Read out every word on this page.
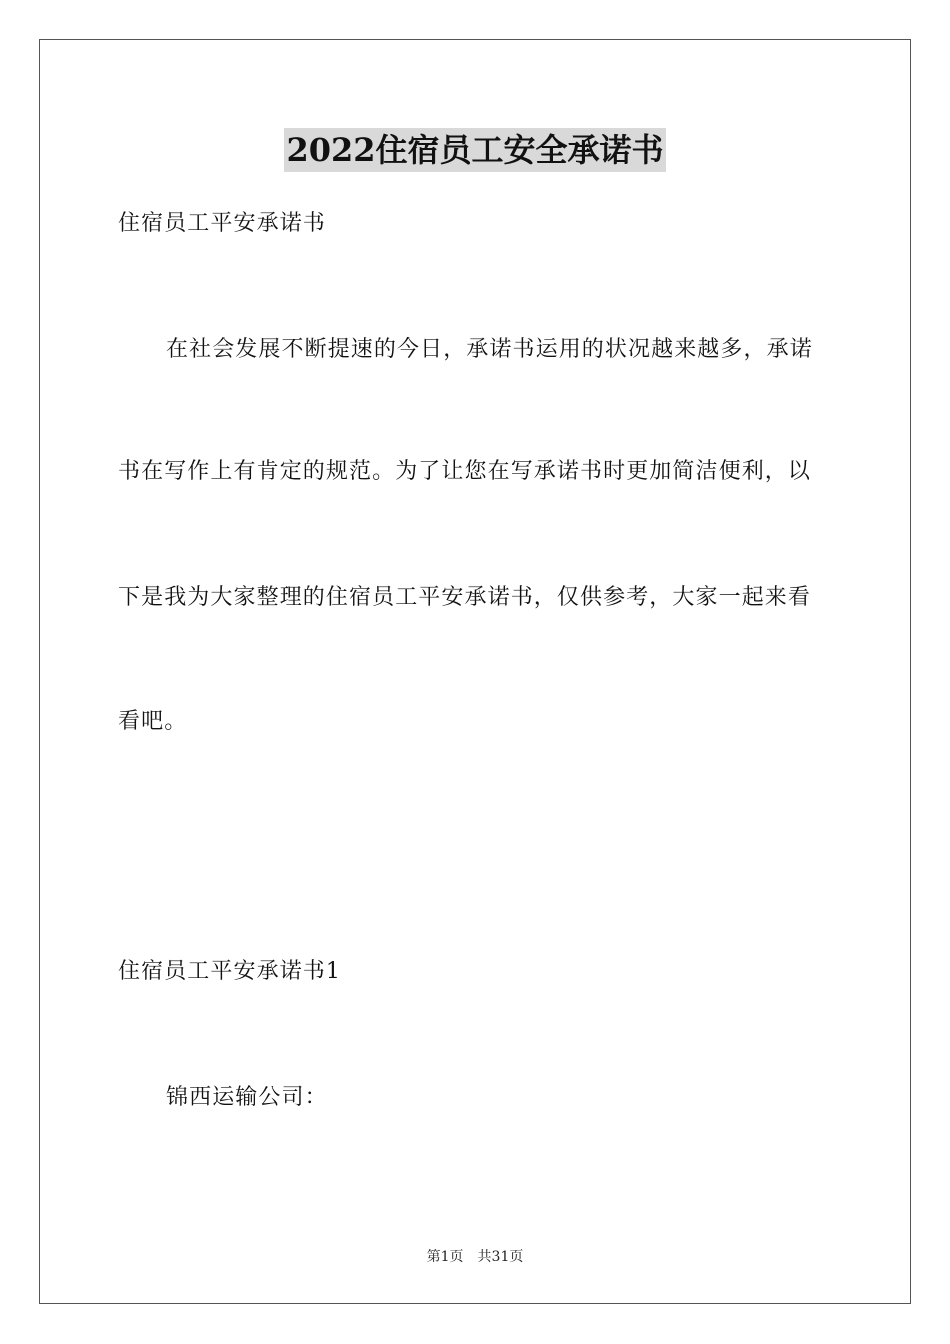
2022住宿员工安全承诺书
住宿员工平安承诺书
在社会发展不断提速的今日，承诺书运用的状况越来越多，承诺
书在写作上有肯定的规范。为了让您在写承诺书时更加简洁便利，以
下是我为大家整理的住宿员工平安承诺书，仅供参考，大家一起来看
看吧。
住宿员工平安承诺书1
锦西运输公司：
第1页 共31页
